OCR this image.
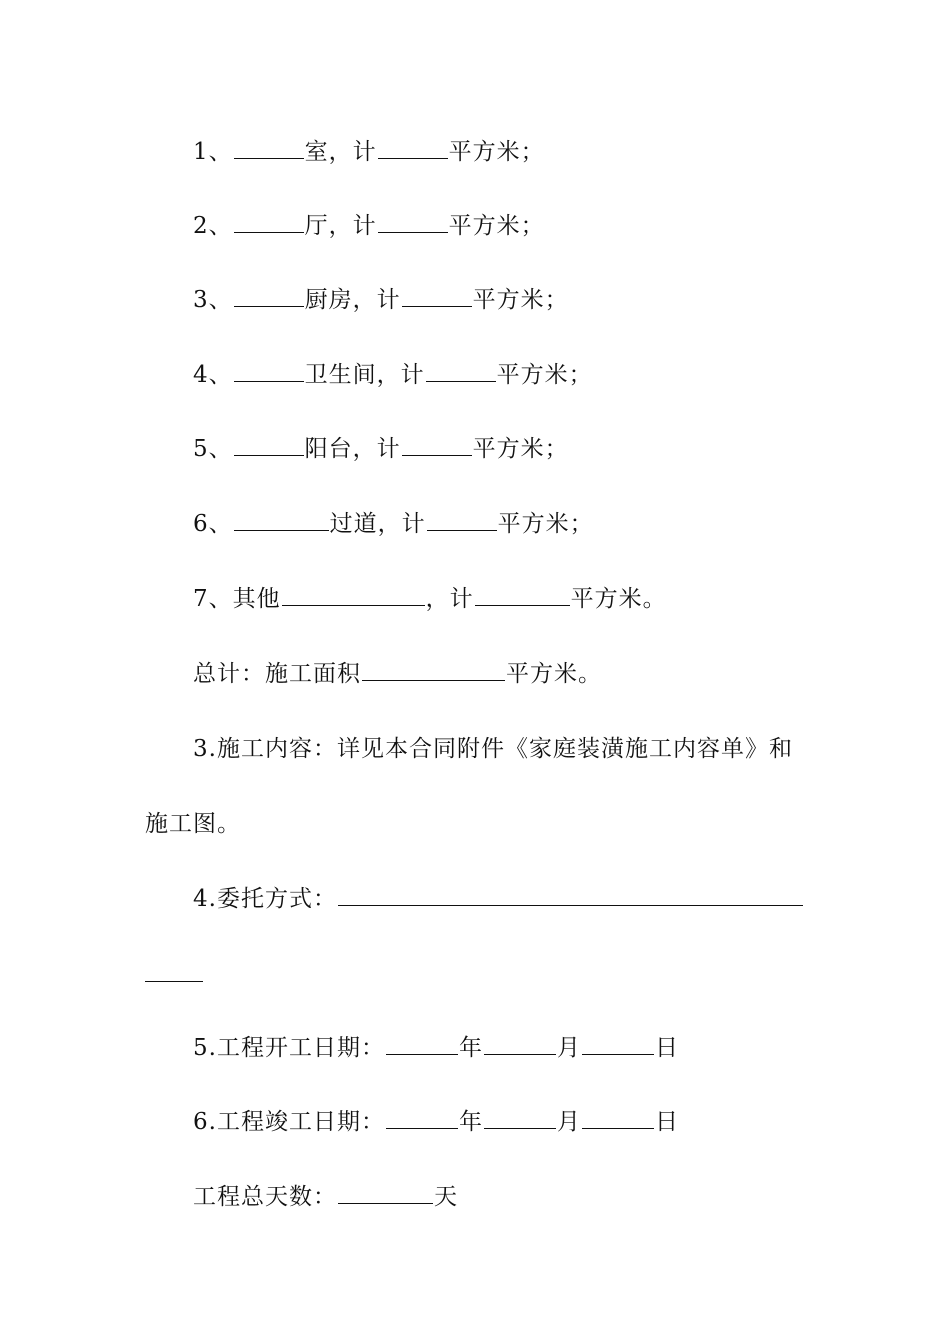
1、	室，计	平方米；
2、	厅，计	平方米；
3、	厨房，计	平方米；
4、	卫生间，计	平方米；
5、	阳台，计	平方米；
6、	过道，计	平方米；
7、其他	，计	平方米。
总计：施工面积	平方米。
3.施工内容：详见本合同附件《家庭装潢施工内容单》和
施工图。
4.委托方式：
5.工程开工日期：	年	月	日
6.工程竣工日期：	年	月	日
工程总天数：	天
